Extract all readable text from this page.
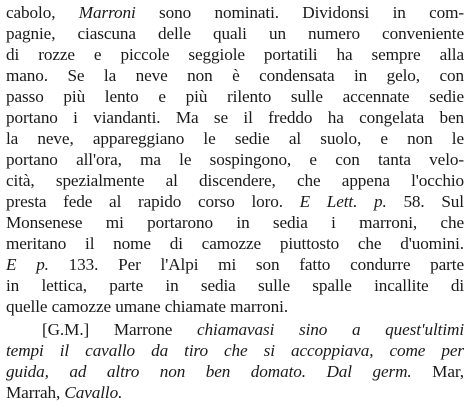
cabolo, Marroni sono nominati. Dividonsi in com-
pagnie, ciascuna delle quali un numero conveniente
di rozze e piccole seggiole portatili ha sempre alla
mano. Se la neve non è condensata in gelo, con
passo più lento e più rilento sulle accennate sedie
portano i viandanti. Ma se il freddo ha congelata ben
la neve, appareggiano le sedie al suolo, e non le
portano all'ora, ma le sospingono, e con tanta velo-
cità, spezialmente al discendere, che appena l'occhio
presta fede al rapido corso loro. E Lett. p. 58. Sul
Monsenese mi portarono in sedia i marroni, che
meritano il nome di camozze piuttosto che d'uomini.
E p. 133. Per l'Alpi mi son fatto condurre parte
in lettica, parte in sedia sulle spalle incallite di
quelle camozze umane chiamate marroni.
[G.M.] Marrone chiamavasi sino a quest'ultimi
tempi il cavallo da tiro che si accoppiava, come per
guida, ad altro non ben domato. Dal germ. Mar,
Marrah, Cavallo.
